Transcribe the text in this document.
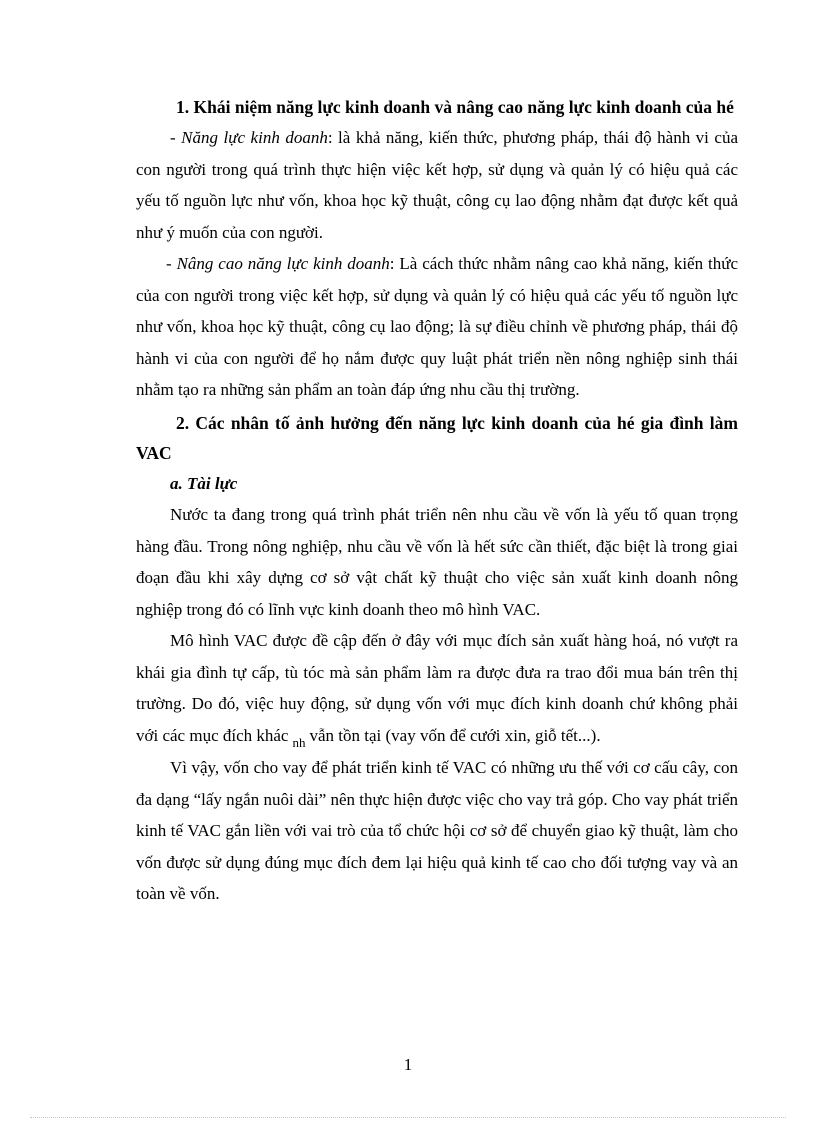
1. Khái niệm năng lực kinh doanh và nâng cao năng lực kinh doanh của hé

- Năng lực kinh doanh: là khả năng, kiến thức, phương pháp, thái độ hành vi của con người trong quá trình thực hiện việc kết hợp, sử dụng và quản lý có hiệu quả các yếu tố nguồn lực như vốn, khoa học kỹ thuật, công cụ lao động nhằm đạt được kết quả như ý muốn của con người.

- Nâng cao năng lực kinh doanh: Là cách thức nhằm nâng cao khả năng, kiến thức của con người trong việc kết hợp, sử dụng và quản lý có hiệu quả các yếu tố nguồn lực như vốn, khoa học kỹ thuật, công cụ lao động; là sự điều chỉnh về phương pháp, thái độ hành vi của con người để họ nắm được quy luật phát triển nền nông nghiệp sinh thái nhằm tạo ra những sản phẩm an toàn đáp ứng nhu cầu thị trường.

2. Các nhân tố ảnh hưởng đến năng lực kinh doanh của hé gia đình làm VAC

a. Tài lực

Nước ta đang trong quá trình phát triển nên nhu cầu về vốn là yếu tố quan trọng hàng đầu. Trong nông nghiệp, nhu cầu về vốn là hết sức cần thiết, đặc biệt là trong giai đoạn đầu khi xây dựng cơ sở vật chất kỹ thuật cho việc sản xuất kinh doanh nông nghiệp trong đó có lĩnh vực kinh doanh theo mô hình VAC.

Mô hình VAC được đề cập đến ở đây với mục đích sản xuất hàng hoá, nó vượt ra khái gia đình tự cấp, tù tóc mà sản phẩm làm ra được đưa ra trao đổi mua bán trên thị trường. Do đó, việc huy động, sử dụng vốn với mục đích kinh doanh chứ không phải với các mục đích khác $_{nh}$ vẫn tồn tại (vay vốn để cưới xin, giỗ tết...).

Vì vậy, vốn cho vay để phát triển kinh tế VAC có những ưu thế với cơ cấu cây, con đa dạng “lấy ngắn nuôi dài” nên thực hiện được việc cho vay trả góp. Cho vay phát triển kinh tế VAC gắn liền với vai trò của tổ chức hội cơ sở để chuyển giao kỹ thuật, làm cho vốn được sử dụng đúng mục đích đem lại hiệu quả kinh tế cao cho đối tượng vay và an toàn về vốn.

1
